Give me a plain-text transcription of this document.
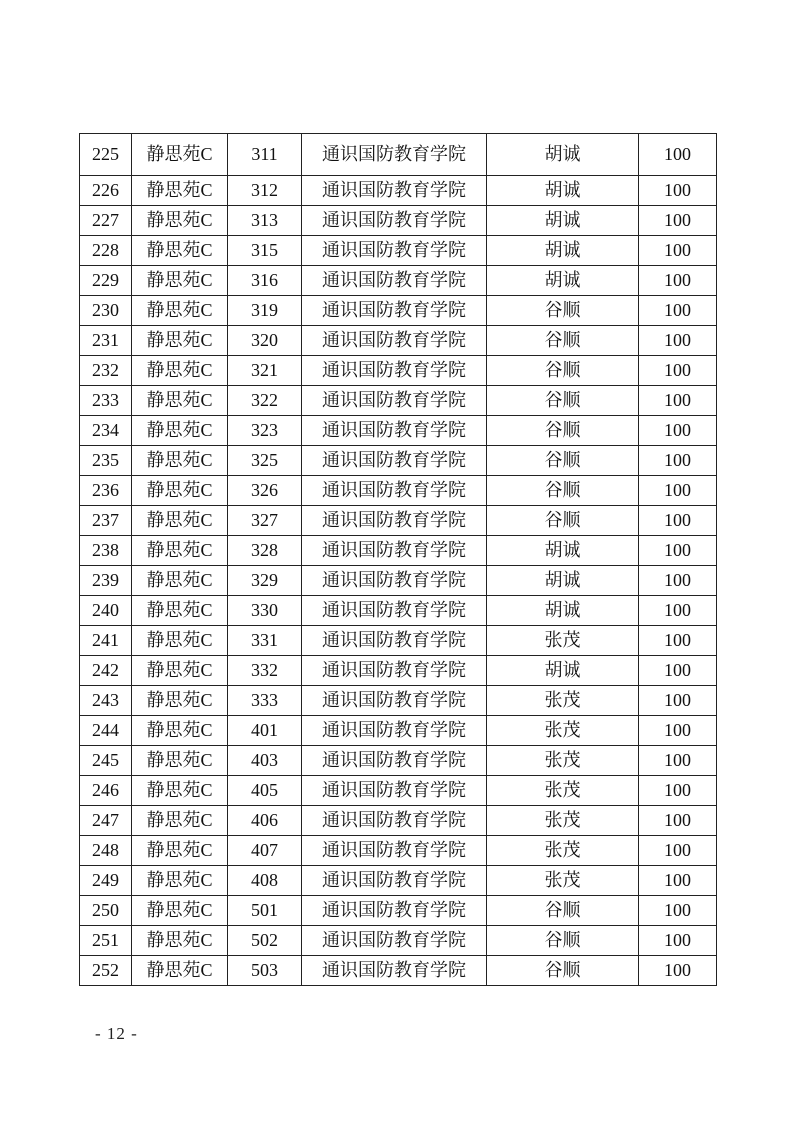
225	静思苑C	311	通识国防教育学院	胡诚	100
226	静思苑C	312	通识国防教育学院	胡诚	100
227	静思苑C	313	通识国防教育学院	胡诚	100
228	静思苑C	315	通识国防教育学院	胡诚	100
229	静思苑C	316	通识国防教育学院	胡诚	100
230	静思苑C	319	通识国防教育学院	谷顺	100
231	静思苑C	320	通识国防教育学院	谷顺	100
232	静思苑C	321	通识国防教育学院	谷顺	100
233	静思苑C	322	通识国防教育学院	谷顺	100
234	静思苑C	323	通识国防教育学院	谷顺	100
235	静思苑C	325	通识国防教育学院	谷顺	100
236	静思苑C	326	通识国防教育学院	谷顺	100
237	静思苑C	327	通识国防教育学院	谷顺	100
238	静思苑C	328	通识国防教育学院	胡诚	100
239	静思苑C	329	通识国防教育学院	胡诚	100
240	静思苑C	330	通识国防教育学院	胡诚	100
241	静思苑C	331	通识国防教育学院	张茂	100
242	静思苑C	332	通识国防教育学院	胡诚	100
243	静思苑C	333	通识国防教育学院	张茂	100
244	静思苑C	401	通识国防教育学院	张茂	100
245	静思苑C	403	通识国防教育学院	张茂	100
246	静思苑C	405	通识国防教育学院	张茂	100
247	静思苑C	406	通识国防教育学院	张茂	100
248	静思苑C	407	通识国防教育学院	张茂	100
249	静思苑C	408	通识国防教育学院	张茂	100
250	静思苑C	501	通识国防教育学院	谷顺	100
251	静思苑C	502	通识国防教育学院	谷顺	100
252	静思苑C	503	通识国防教育学院	谷顺	100
- 12 -
